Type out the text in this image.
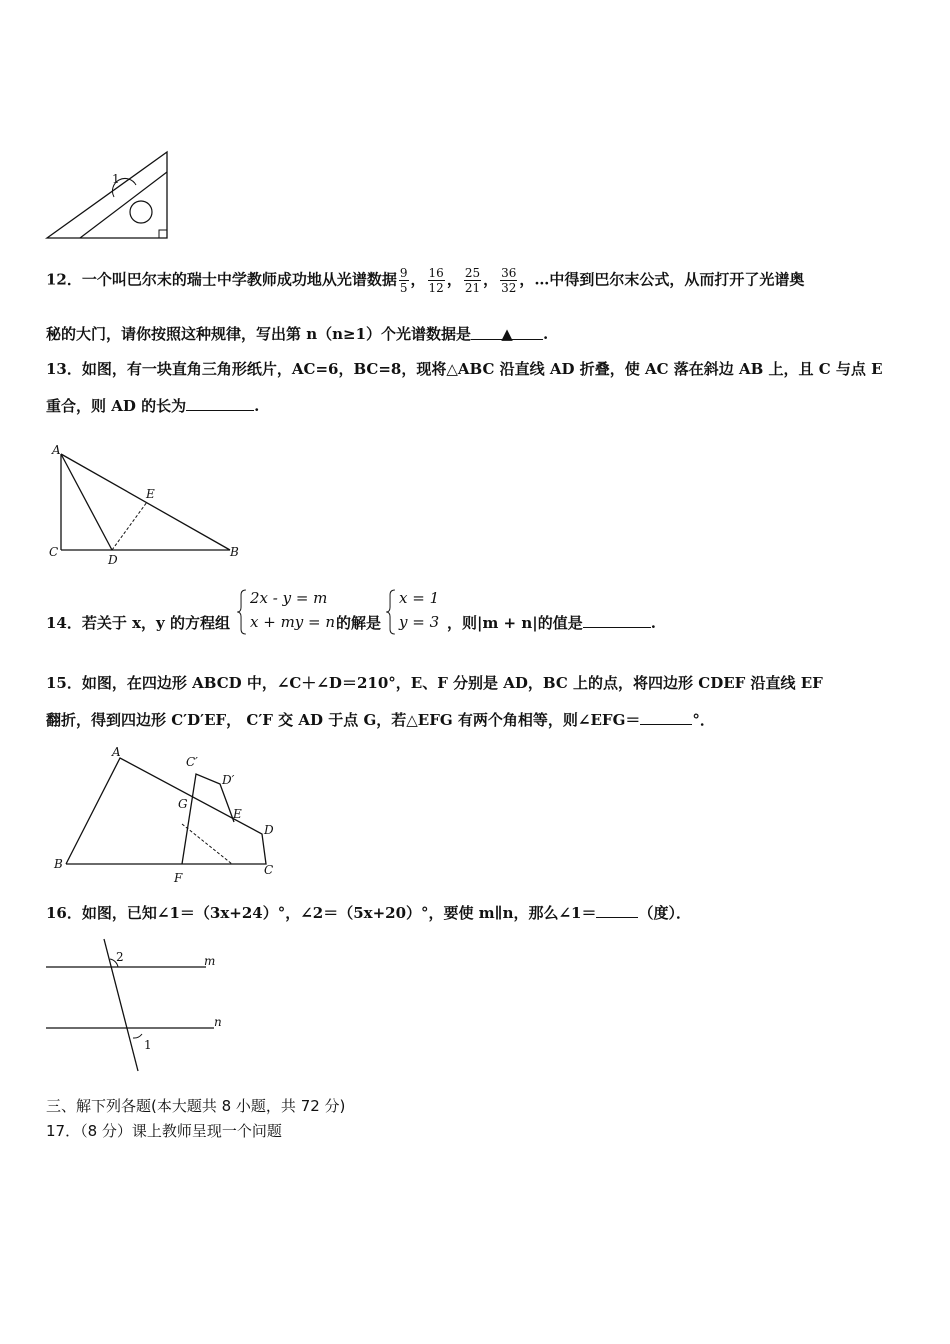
1
12．一个叫巴尔末的瑞士中学教师成功地从光谱数据 $\frac{9}{5}$ ， $\frac{16}{12}$ ， $\frac{25}{21}$ ， $\frac{36}{32}$ ，…中得到巴尔末公式，从而打开了光谱奥
秘的大门，请你按照这种规律，写出第 n（n≥1）个光谱数据是 ▲ .
13．如图，有一块直角三角形纸片，AC=6，BC=8，现将△ABC 沿直线 AD 折叠，使 AC 落在斜边 AB 上，且 C 与点 E
重合，则 AD 的长为	.
A
C
D
B
E
14．若关于 x，y 的方程组	的解是	，则|m + n|的值是	.
2x - y = m
x + my = n
x = 1
y = 3
15．如图，在四边形 ABCD 中，∠C＋∠D＝210°，E、F 分别是 AD，BC 上的点，将四边形 CDEF 沿直线 EF
翻折，得到四边形 C′D′EF， C′F 交 AD 于点 G，若△EFG 有两个角相等，则∠EFG＝	°．
A
B	C
D
E
F
G
C′
D′
16．如图，已知∠1＝（3x+24）°，∠2＝（5x+20）°，要使 m∥n，那么∠1＝	（度）．
2
1
m
n
三、解下列各题(本大题共 8 小题，共 72 分)
17．（8 分）课上教师呈现一个问题
